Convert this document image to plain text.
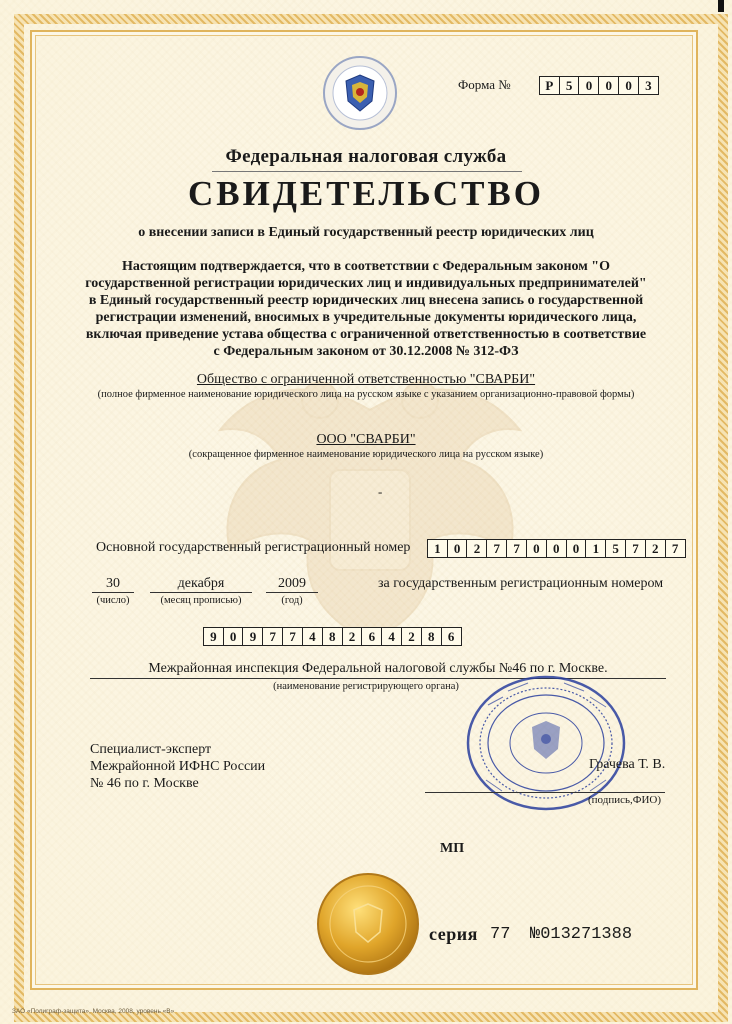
Форма №	Р 5	0	0	0	3
Федеральная налоговая служба
СВИДЕТЕЛЬСТВО
о внесении записи в Единый государственный реестр юридических лиц
Настоящим подтверждается, что в соответствии с Федеральным законом "О
государственной регистрации юридических лиц и индивидуальных предпринимателей"
в Единый государственный реестр юридических лиц внесена запись о государственной
регистрации изменений, вносимых в учредительные документы юридического лица,
включая приведение устава общества с ограниченной ответственностью в соответствие
с Федеральным законом от 30.12.2008 № 312-ФЗ
Общество с ограниченной ответственностью "СВАРБИ"
(полное фирменное наименование юридического лица на русском языке с указанием организационно-правовой формы)
ООО "СВАРБИ"
(сокращенное фирменное наименование юридического лица на русском языке)
-
Основной государственный регистрационный номер	1	0	2	7	7	0	0	0	1	5	7	2	7
30
(число)
декабря
(месяц прописью)
2009
(год)
за государственным регистрационным номером
9	0	9	7	7	4	8	2	6	4	2	8	6
Межрайонная инспекция Федеральной налоговой службы №46 по г. Москве.
(наименование регистрирующего органа)
Специалист-эксперт
Межрайонной ИФНС России
№ 46 по г. Москве
Грачева Т. В.
(подпись,ФИО)
МП
серия 77 №013271388
ЗАО «Полиграф-защита», Москва, 2008, уровень «В»
